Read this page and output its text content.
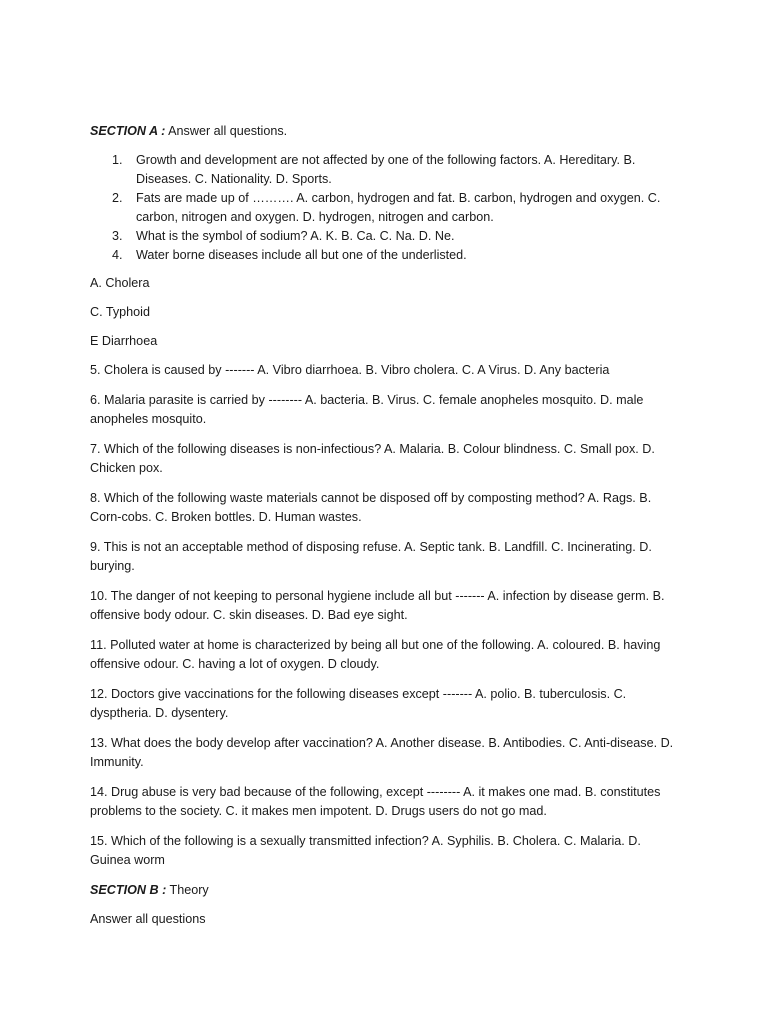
SECTION A : Answer all questions.
1. Growth and development are not affected by one of the following factors. A. Hereditary. B. Diseases. C. Nationality. D. Sports.
2. Fats are made up of ………. A. carbon, hydrogen and fat. B. carbon, hydrogen and oxygen. C. carbon, nitrogen and oxygen. D. hydrogen, nitrogen and carbon.
3. What is the symbol of sodium? A. K. B. Ca. C. Na. D. Ne.
4. Water borne diseases include all but one of the underlisted.

A. Cholera

C. Typhoid

E Diarrhoea

5. Cholera is caused by ------- A. Vibro diarrhoea. B. Vibro cholera. C. A Virus. D. Any bacteria

6. Malaria parasite is carried by -------- A. bacteria. B. Virus. C. female anopheles mosquito. D. male anopheles mosquito.

7. Which of the following diseases is non-infectious? A. Malaria. B. Colour blindness. C. Small pox. D. Chicken pox.

8. Which of the following waste materials cannot be disposed off by composting method? A. Rags. B. Corn-cobs. C. Broken bottles. D. Human wastes.

9. This is not an acceptable method of disposing refuse. A. Septic tank. B. Landfill. C. Incinerating. D. burying.

10. The danger of not keeping to personal hygiene include all but ------- A. infection by disease germ. B. offensive body odour. C. skin diseases. D. Bad eye sight.

11. Polluted water at home is characterized by being all but one of the following. A. coloured. B. having offensive odour. C. having a lot of oxygen. D cloudy.

12. Doctors give vaccinations for the following diseases except ------- A. polio. B. tuberculosis. C. dysptheria. D. dysentery.

13. What does the body develop after vaccination? A. Another disease. B. Antibodies. C. Anti-disease. D. Immunity.

14. Drug abuse is very bad because of the following, except -------- A. it makes one mad. B. constitutes problems to the society. C. it makes men impotent. D. Drugs users do not go mad.

15. Which of the following is a sexually transmitted infection? A. Syphilis. B. Cholera. C. Malaria. D. Guinea worm

SECTION B : Theory

Answer all questions
